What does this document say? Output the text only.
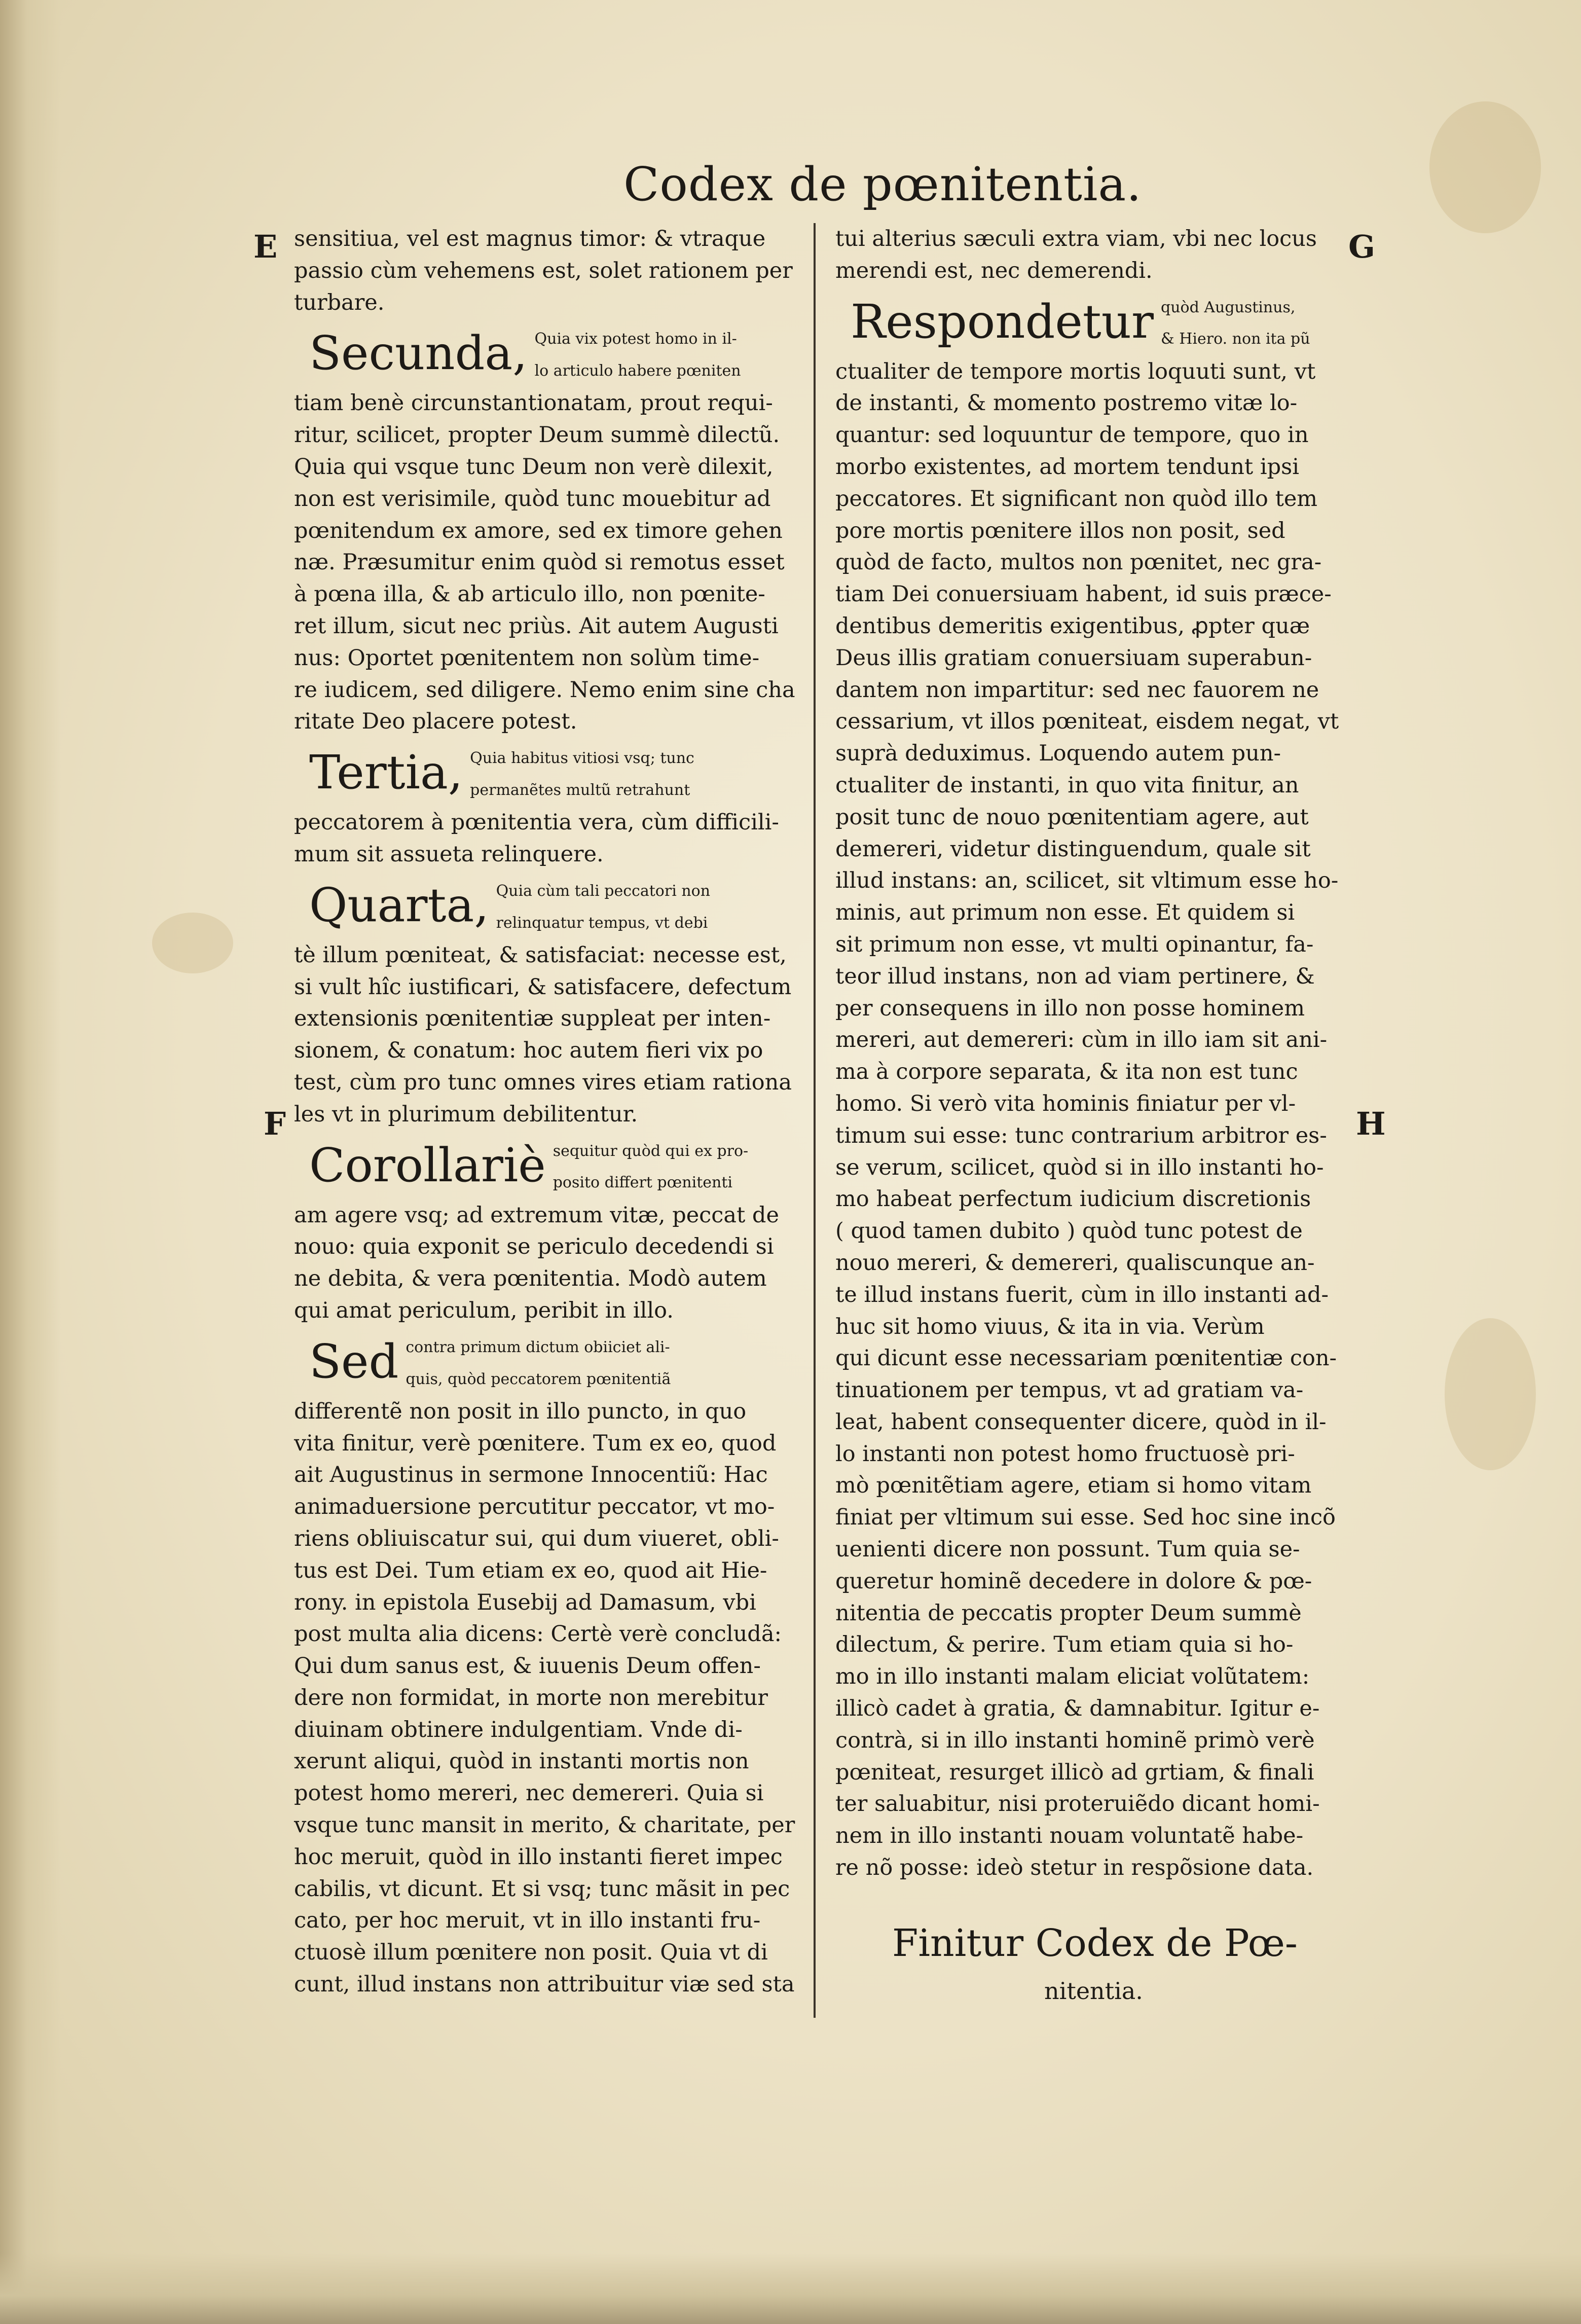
Codex de pœnitentia.
E
F
G
H
sensitiua, vel est magnus timor: & vtraque
passio cùm vehemens est, solet rationem per
turbare.
Secunda, Quia vix potest homo in il-
lo articulo habere pœniten
tiam benè circunstantionatam, prout requi-
ritur, scilicet, propter Deum summè dilectũ.
Quia qui vsque tunc Deum non verè dilexit,
non est verisimile, quòd tunc mouebitur ad
pœnitendum ex amore, sed ex timore gehen
næ. Præsumitur enim quòd si remotus esset
à pœna illa, & ab articulo illo, non pœnite-
ret illum, sicut nec priùs. Ait autem Augusti
nus: Oportet pœnitentem non solùm time-
re iudicem, sed diligere. Nemo enim sine cha
ritate Deo placere potest.
Tertia, Quia habitus vitiosi vsq; tunc
permanẽtes multũ retrahunt
peccatorem à pœnitentia vera, cùm difficili-
mum sit assueta relinquere.
Quarta, Quia cùm tali peccatori non
relinquatur tempus, vt debi
tè illum pœniteat, & satisfaciat: necesse est,
si vult hîc iustificari, & satisfacere, defectum
extensionis pœnitentiæ suppleat per inten-
sionem, & conatum: hoc autem fieri vix po
test, cùm pro tunc omnes vires etiam rationa
les vt in plurimum debilitentur.
Corollariè sequitur quòd qui ex pro-
posito differt pœnitenti
am agere vsq; ad extremum vitæ, peccat de
nouo: quia exponit se periculo decedendi si
ne debita, & vera pœnitentia. Modò autem
qui amat periculum, peribit in illo.
Sed contra primum dictum obiiciet ali-
quis, quòd peccatorem pœnitentiã
differentẽ non posit in illo puncto, in quo
vita finitur, verè pœnitere. Tum ex eo, quod
ait Augustinus in sermone Innocentiũ: Hac
animaduersione percutitur peccator, vt mo-
riens obliuiscatur sui, qui dum viueret, obli-
tus est Dei. Tum etiam ex eo, quod ait Hie-
rony. in epistola Eusebij ad Damasum, vbi
post multa alia dicens: Certè verè concludã:
Qui dum sanus est, & iuuenis Deum offen-
dere non formidat, in morte non merebitur
diuinam obtinere indulgentiam. Vnde di-
xerunt aliqui, quòd in instanti mortis non
potest homo mereri, nec demereri. Quia si
vsque tunc mansit in merito, & charitate, per
hoc meruit, quòd in illo instanti fieret impec
cabilis, vt dicunt. Et si vsq; tunc mãsit in pec
cato, per hoc meruit, vt in illo instanti fru-
ctuosè illum pœnitere non posit. Quia vt di
cunt, illud instans non attribuitur viæ sed sta
tui alterius sæculi extra viam, vbi nec locus
merendi est, nec demerendi.
Respondetur quòd Augustinus,
& Hiero. non ita pũ
ctualiter de tempore mortis loquuti sunt, vt
de instanti, & momento postremo vitæ lo-
quantur: sed loquuntur de tempore, quo in
morbo existentes, ad mortem tendunt ipsi
peccatores. Et significant non quòd illo tem
pore mortis pœnitere illos non posit, sed
quòd de facto, multos non pœnitet, nec gra-
tiam Dei conuersiuam habent, id suis præce-
dentibus demeritis exigentibus, ꝓpter quæ
Deus illis gratiam conuersiuam superabun-
dantem non impartitur: sed nec fauorem ne
cessarium, vt illos pœniteat, eisdem negat, vt
suprà deduximus. Loquendo autem pun-
ctualiter de instanti, in quo vita finitur, an
posit tunc de nouo pœnitentiam agere, aut
demereri, videtur distinguendum, quale sit
illud instans: an, scilicet, sit vltimum esse ho-
minis, aut primum non esse. Et quidem si
sit primum non esse, vt multi opinantur, fa-
teor illud instans, non ad viam pertinere, &
per consequens in illo non posse hominem
mereri, aut demereri: cùm in illo iam sit ani-
ma à corpore separata, & ita non est tunc
homo. Si verò vita hominis finiatur per vl-
timum sui esse: tunc contrarium arbitror es-
se verum, scilicet, quòd si in illo instanti ho-
mo habeat perfectum iudicium discretionis
( quod tamen dubito ) quòd tunc potest de
nouo mereri, & demereri, qualiscunque an-
te illud instans fuerit, cùm in illo instanti ad-
huc sit homo viuus, & ita in via. Verùm
qui dicunt esse necessariam pœnitentiæ con-
tinuationem per tempus, vt ad gratiam va-
leat, habent consequenter dicere, quòd in il-
lo instanti non potest homo fructuosè pri-
mò pœnitẽtiam agere, etiam si homo vitam
finiat per vltimum sui esse. Sed hoc sine incõ
uenienti dicere non possunt. Tum quia se-
queretur hominẽ decedere in dolore & pœ-
nitentia de peccatis propter Deum summè
dilectum, & perire. Tum etiam quia si ho-
mo in illo instanti malam eliciat volũtatem:
illicò cadet à gratia, & damnabitur. Igitur e-
contrà, si in illo instanti hominẽ primò verè
pœniteat, resurget illicò ad grtiam, & finali
ter saluabitur, nisi proteruiẽdo dicant homi-
nem in illo instanti nouam voluntatẽ habe-
re nõ posse: ideò stetur in respõsione data.
Finitur Codex de Pœ-
nitentia.
